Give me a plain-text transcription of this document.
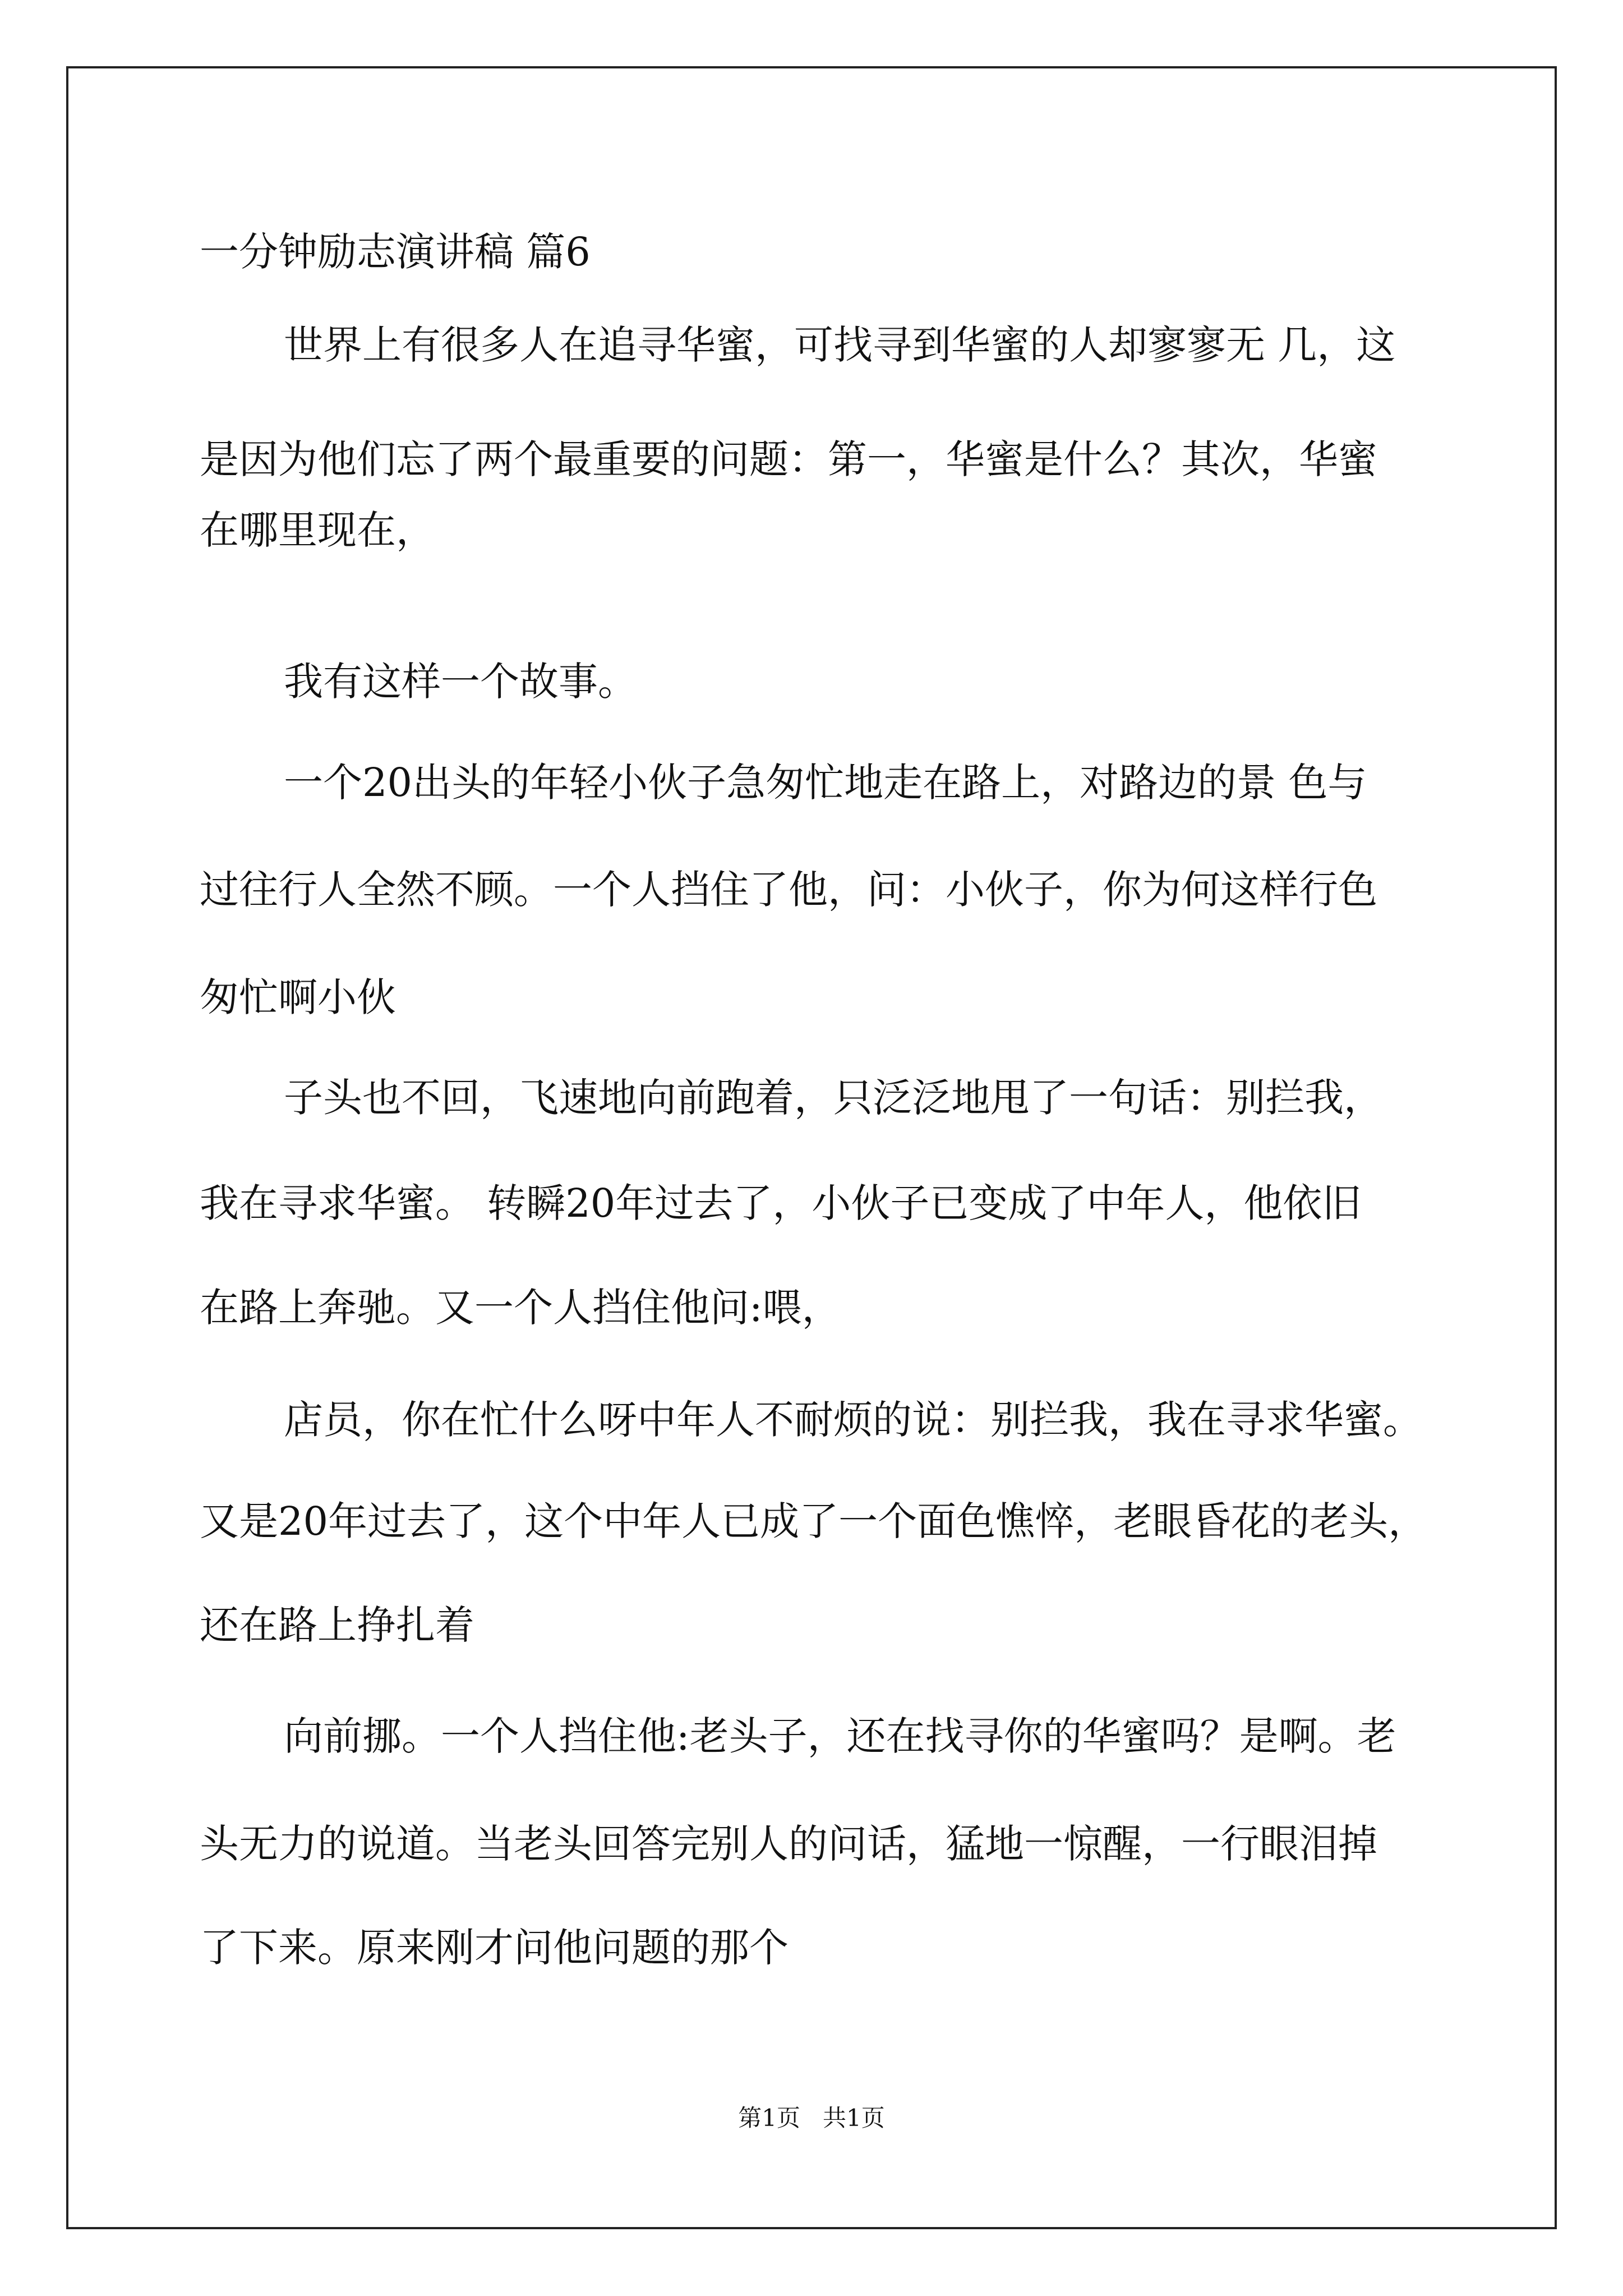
一分钟励志演讲稿 篇6

世界上有很多人在追寻华蜜，可找寻到华蜜的人却寥寥无 几，这

是因为他们忘了两个最重要的问题：第一，华蜜是什么？其次，华蜜

在哪里现在，

我有这样一个故事。

一个20出头的年轻小伙子急匆忙地走在路上，对路边的景 色与

过往行人全然不顾。一个人挡住了他，问：小伙子，你为何这样行色

匆忙啊小伙

子头也不回，飞速地向前跑着，只泛泛地甩了一句话：别拦我，

我在寻求华蜜。 转瞬20年过去了，小伙子已变成了中年人，他依旧

在路上奔驰。又一个人挡住他问:喂，

店员，你在忙什么呀中年人不耐烦的说：别拦我，我在寻求华蜜。

又是20年过去了，这个中年人已成了一个面色憔悴，老眼昏花的老头，

还在路上挣扎着

向前挪。一个人挡住他:老头子，还在找寻你的华蜜吗？是啊。老

头无力的说道。当老头回答完别人的问话，猛地一惊醒，一行眼泪掉

了下来。原来刚才问他问题的那个

第1页   共1页
